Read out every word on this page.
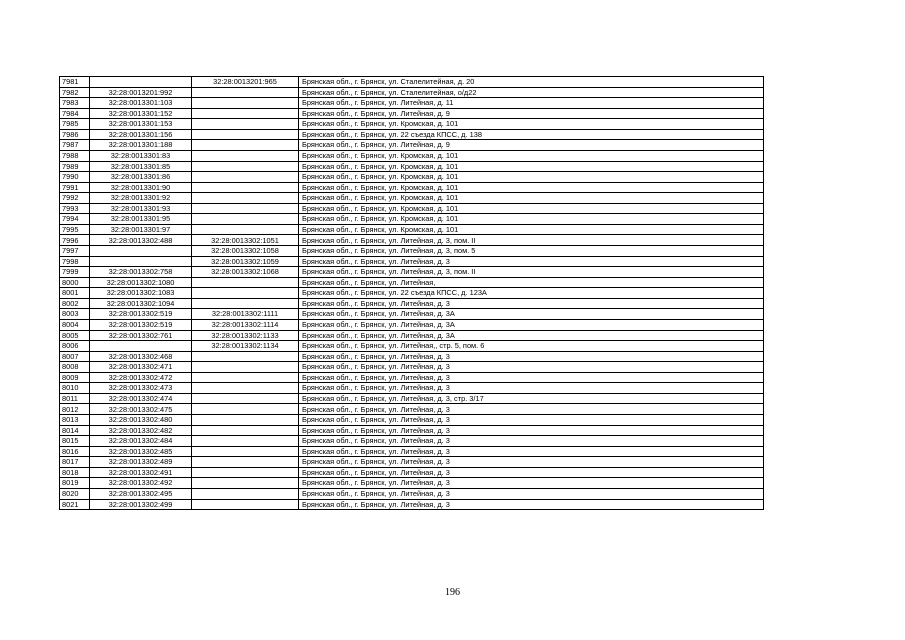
7981		32:28:0013201:965	Брянская обл., г. Брянск, ул. Сталелитейная, д. 20
7982	32:28:0013201:992		Брянская обл., г. Брянск, ул. Сталелитейная, о/д22
7983	32:28:0013301:103		Брянская обл., г. Брянск, ул. Литейная, д. 11
7984	32:28:0013301:152		Брянская обл., г. Брянск, ул. Литейная, д. 9
7985	32:28:0013301:153		Брянская обл., г. Брянск, ул. Кромская, д. 101
7986	32:28:0013301:156		Брянская обл., г. Брянск, ул. 22 съезда КПСС, д. 138
7987	32:28:0013301:188		Брянская обл., г. Брянск, ул. Литейная, д. 9
7988	32:28:0013301:83		Брянская обл., г. Брянск, ул. Кромская, д. 101
7989	32:28:0013301:85		Брянская обл., г. Брянск, ул. Кромская, д. 101
7990	32:28:0013301:86		Брянская обл., г. Брянск, ул. Кромская, д. 101
7991	32:28:0013301:90		Брянская обл., г. Брянск, ул. Кромская, д. 101
7992	32:28:0013301:92		Брянская обл., г. Брянск, ул. Кромская, д. 101
7993	32:28:0013301:93		Брянская обл., г. Брянск, ул. Кромская, д. 101
7994	32:28:0013301:95		Брянская обл., г. Брянск, ул. Кромская, д. 101
7995	32:28:0013301:97		Брянская обл., г. Брянск, ул. Кромская, д. 101
7996	32:28:0013302:488	32:28:0013302:1051	Брянская обл., г. Брянск, ул. Литейная, д. 3, пом. II
7997		32:28:0013302:1058	Брянская обл., г. Брянск, ул. Литейная, д. 3, пом. 5
7998		32:28:0013302:1059	Брянская обл., г. Брянск, ул. Литейная, д. 3
7999	32:28:0013302:758	32:28:0013302:1068	Брянская обл., г. Брянск, ул. Литейная, д. 3, пом. II
8000	32:28:0013302:1080		Брянская обл., г. Брянск, ул. Литейная,
8001	32:28:0013302:1083		Брянская обл., г. Брянск, ул. 22 съезда КПСС, д. 123А
8002	32:28:0013302:1094		Брянская обл., г. Брянск, ул. Литейная, д. 3
8003	32:28:0013302:519	32:28:0013302:1111	Брянская обл., г. Брянск, ул. Литейная, д. 3А
8004	32:28:0013302:519	32:28:0013302:1114	Брянская обл., г. Брянск, ул. Литейная, д. 3А
8005	32:28:0013302:761	32:28:0013302:1133	Брянская обл., г. Брянск, ул. Литейная, д. 3А
8006		32:28:0013302:1134	Брянская обл., г. Брянск, ул. Литейная,, стр. 5, пом. 6
8007	32:28:0013302:468		Брянская обл., г. Брянск, ул. Литейная, д. 3
8008	32:28:0013302:471		Брянская обл., г. Брянск, ул. Литейная, д. 3
8009	32:28:0013302:472		Брянская обл., г. Брянск, ул. Литейная, д. 3
8010	32:28:0013302:473		Брянская обл., г. Брянск, ул. Литейная, д. 3
8011	32:28:0013302:474		Брянская обл., г. Брянск, ул. Литейная, д. 3, стр. 3/17
8012	32:28:0013302:475		Брянская обл., г. Брянск, ул. Литейная, д. 3
8013	32:28:0013302:480		Брянская обл., г. Брянск, ул. Литейная, д. 3
8014	32:28:0013302:482		Брянская обл., г. Брянск, ул. Литейная, д. 3
8015	32:28:0013302:484		Брянская обл., г. Брянск, ул. Литейная, д. 3
8016	32:28:0013302:485		Брянская обл., г. Брянск, ул. Литейная, д. 3
8017	32:28:0013302:489		Брянская обл., г. Брянск, ул. Литейная, д. 3
8018	32:28:0013302:491		Брянская обл., г. Брянск, ул. Литейная, д. 3
8019	32:28:0013302:492		Брянская обл., г. Брянск, ул. Литейная, д. 3
8020	32:28:0013302:495		Брянская обл., г. Брянск, ул. Литейная, д. 3
8021	32:28:0013302:499		Брянская обл., г. Брянск, ул. Литейная, д. 3
196
